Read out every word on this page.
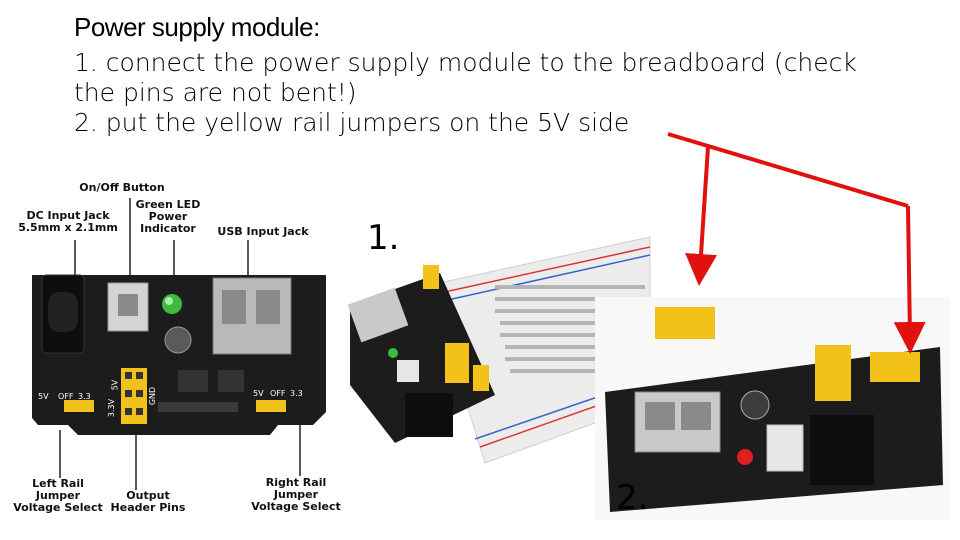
Power supply module:
1. connect the power supply module to the breadboard (check
the pins are not bent!)
2. put the yellow rail jumpers on the 5V side
On/Off Button
DC Input Jack
5.5mm x 2.1mm
Green LED
Power
Indicator	USB Input Jack
5V
3.3V
GND
5V OFF 3.3	5V OFF 3.3
Left Rail
Jumper
Voltage Select
Output
Header Pins
Right Rail
Jumper
Voltage Select
1.
2.
